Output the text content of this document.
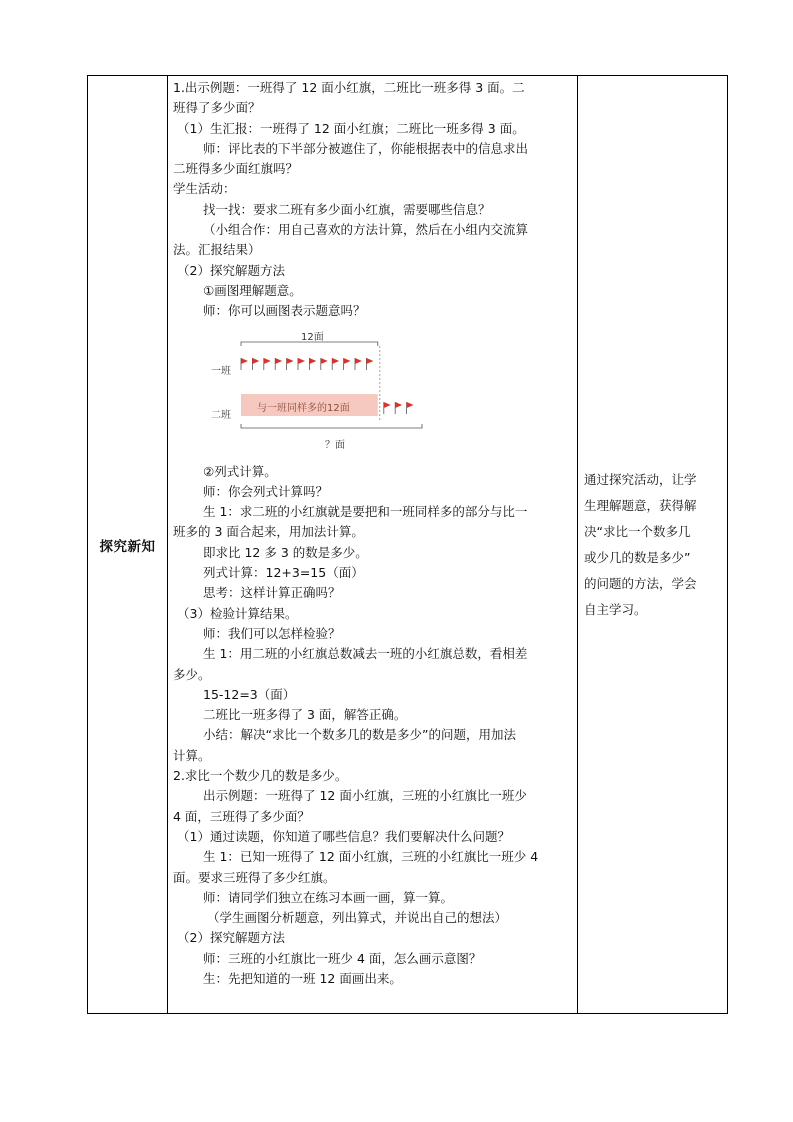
探究新知	
1.出示例题：一班得了 12 面小红旗，二班比一班多得 3 面。二
班得了多少面？
（1）生汇报：一班得了 12 面小红旗；二班比一班多得 3 面。
师：评比表的下半部分被遮住了，你能根据表中的信息求出
二班得多少面红旗吗？
学生活动：
找一找：要求二班有多少面小红旗，需要哪些信息？
（小组合作：用自己喜欢的方法计算，然后在小组内交流算
法。汇报结果）
（2）探究解题方法
①画图理解题意。
师：你可以画图表示题意吗？
12面
一班
二班
与一班同样多的12面
？面
②列式计算。
师：你会列式计算吗？
生 1：求二班的小红旗就是要把和一班同样多的部分与比一
班多的 3 面合起来，用加法计算。
即求比 12 多 3 的数是多少。
列式计算：12+3=15（面）
思考：这样计算正确吗？
（3）检验计算结果。
师：我们可以怎样检验？
生 1：用二班的小红旗总数减去一班的小红旗总数，看相差
多少。
15-12=3（面）
二班比一班多得了 3 面，解答正确。
小结：解决“求比一个数多几的数是多少”的问题，用加法
计算。
2.求比一个数少几的数是多少。
出示例题：一班得了 12 面小红旗，三班的小红旗比一班少
4 面，三班得了多少面？
（1）通过读题，你知道了哪些信息？我们要解决什么问题？
生 1：已知一班得了 12 面小红旗，三班的小红旗比一班少 4
面。要求三班得了多少红旗。
师：请同学们独立在练习本画一画，算一算。
（学生画图分析题意，列出算式，并说出自己的想法）
（2）探究解题方法
师：三班的小红旗比一班少 4 面，怎么画示意图？
生：先把知道的一班 12 面画出来。

通过探究活动，让学
生理解题意，获得解
决“求比一个数多几
或少几的数是多少”
的问题的方法，学会
自主学习。
